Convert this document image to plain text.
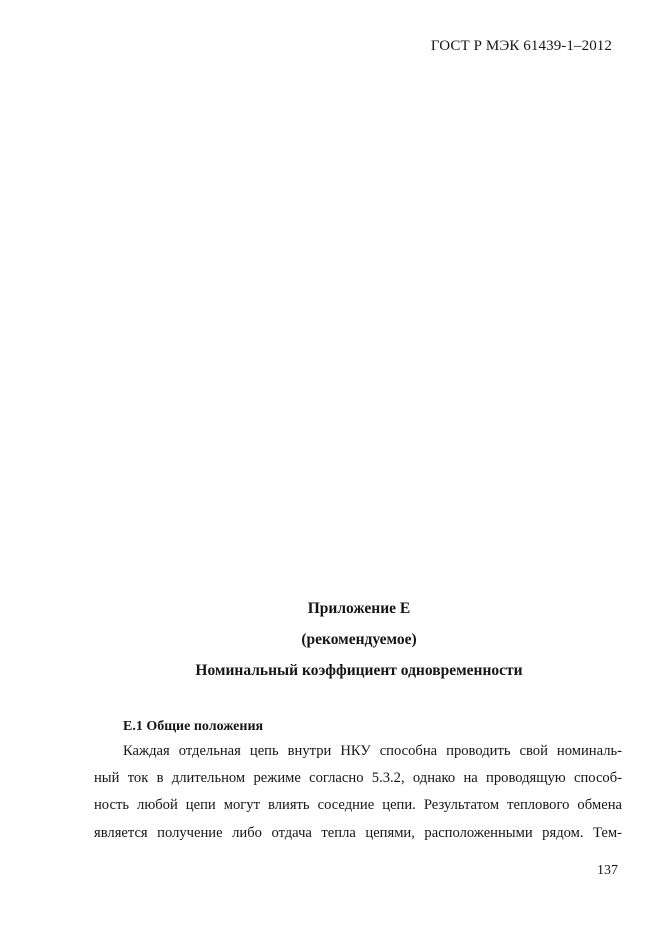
ГОСТ Р МЭК 61439-1–2012
Приложение Е
(рекомендуемое)
Номинальный коэффициент одновременности
Е.1 Общие положения
Каждая отдельная цепь внутри НКУ способна проводить свой номиналь-
ный ток в длительном режиме согласно 5.3.2, однако на проводящую способ-
ность любой цепи могут влиять соседние цепи. Результатом теплового обмена
является получение либо отдача тепла цепями, расположенными рядом. Тем-
137
